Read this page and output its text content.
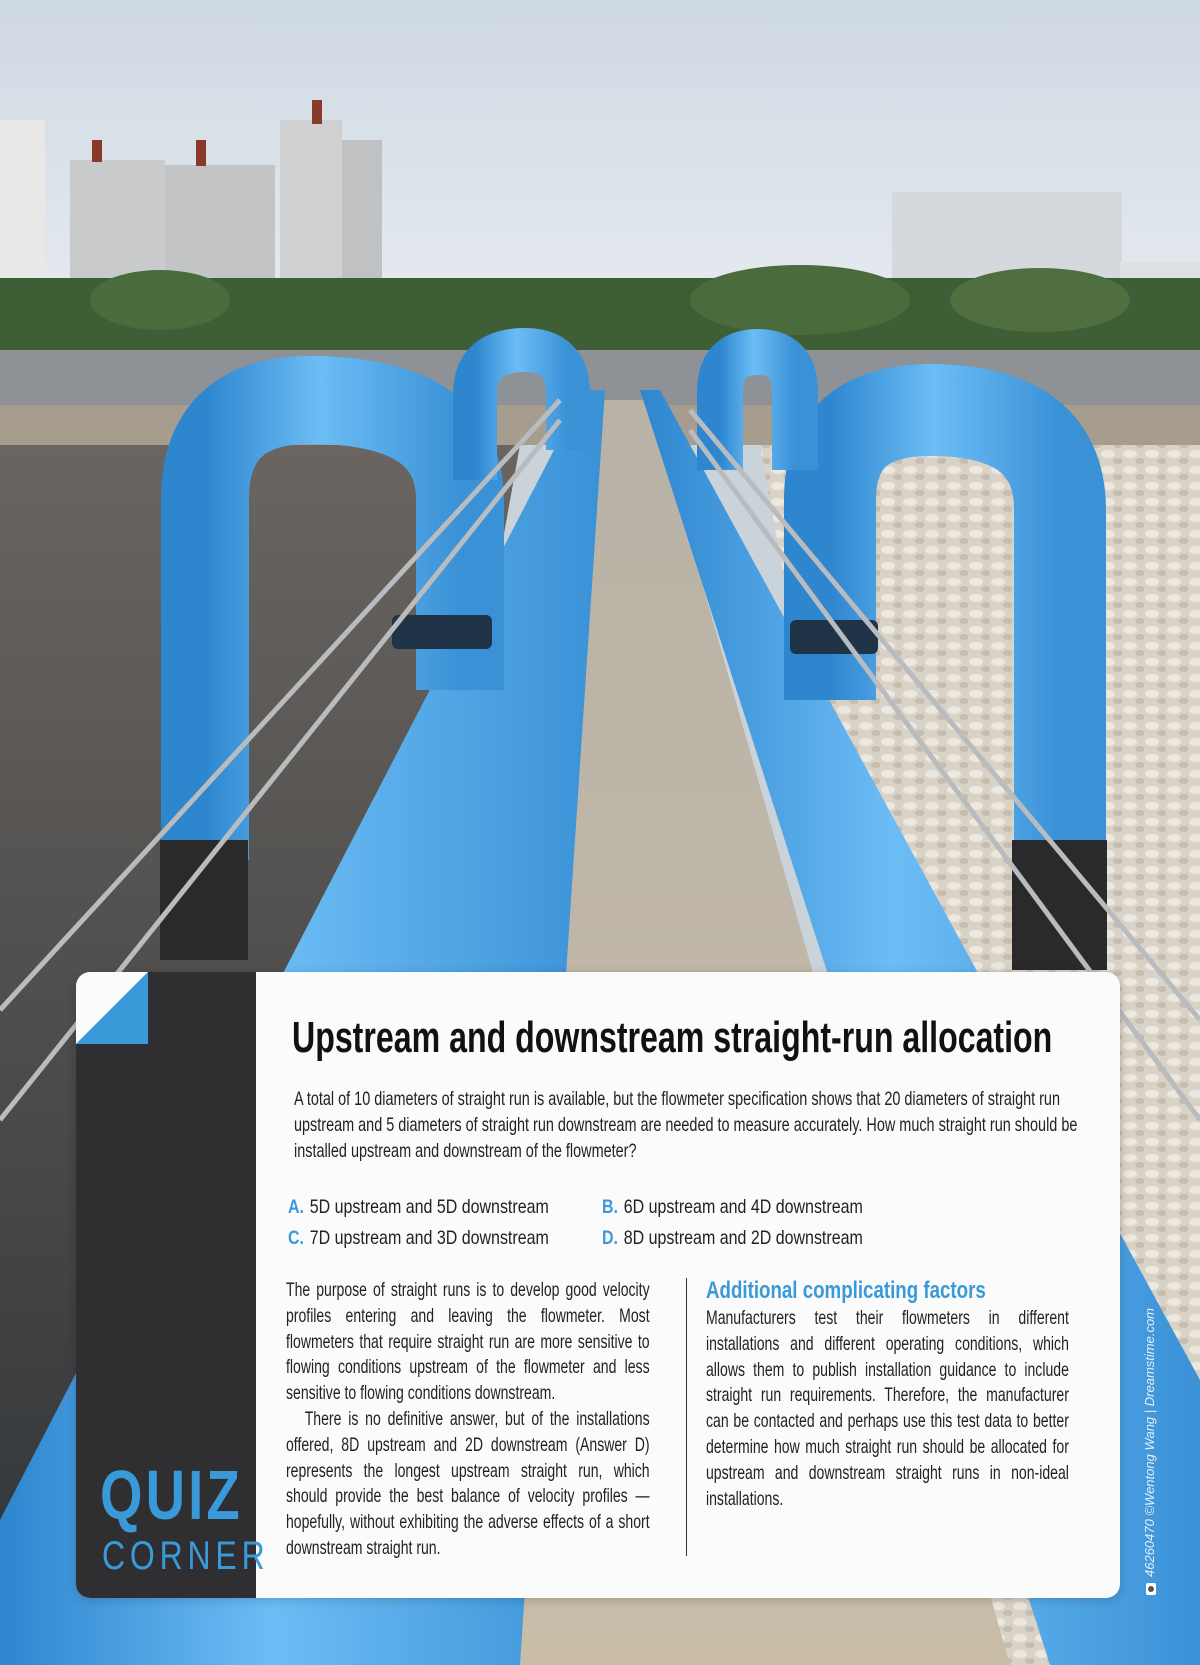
46260470 ©Wentong Wang | Dreamstime.com
QUIZ
CORNER
Upstream and downstream straight-run allocation
A total of 10 diameters of straight run is available, but the flowmeter specification shows that 20 diameters of straight run upstream and 5 diameters of straight run downstream are needed to measure accurately. How much straight run should be installed upstream and downstream of the flowmeter?
A. 5D upstream and 5D downstream	B. 6D upstream and 4D downstream
C. 7D upstream and 3D downstream	D. 8D upstream and 2D downstream

The purpose of straight runs is to develop good velocity profiles entering and leaving the flowmeter. Most flowmeters that require straight run are more sensitive to flowing conditions upstream of the flowmeter and less sensitive to flowing conditions downstream.

There is no definitive answer, but of the installations offered, 8D upstream and 2D downstream (Answer D) represents the longest upstream straight run, which should provide the best balance of velocity profiles — hopefully, without exhibiting the adverse effects of a short downstream straight run.

Additional complicating factors
Manufacturers test their flowmeters in different installations and different operating conditions, which allows them to publish installation guidance to include straight run requirements. Therefore, the manufacturer can be contacted and perhaps use this test data to better determine how much straight run should be allocated for upstream and downstream straight runs in non-ideal installations.
